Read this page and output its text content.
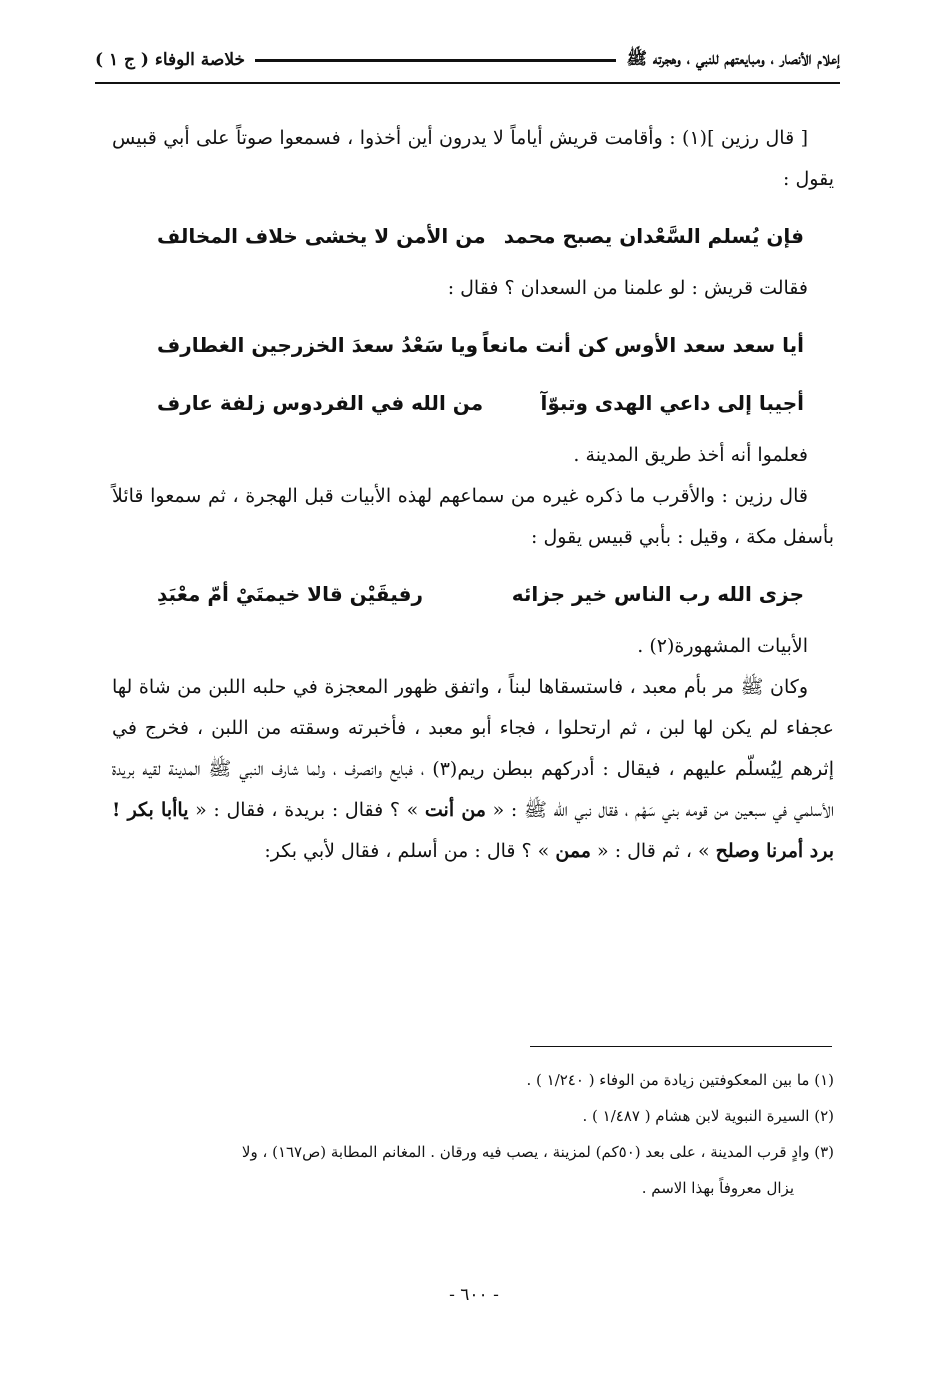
خلاصة الوفاء ( ج ١ )	إعلام الأنصار ، ومبايعتهم للنبي ، وهجرته ﷺ

[ قال رزين ](١) : وأقامت قريش أياماً لا يدرون أين أخذوا ، فسمعوا صوتاً على أبي قبيس يقول :

فإن يُسلم السَّعْدان يصبح محمد
من الأمن لا يخشى خلاف المخالف

فقالت قريش : لو علمنا من السعدان ؟ فقال :

أيا سعد سعد الأوس كن أنت مانعاً
ويا سَعْدُ سعدَ الخزرجين الغطارف
أجيبا إلى داعي الهدى وتبوّآ
من الله في الفردوس زلفة عارف

فعلموا أنه أخذ طريق المدينة .

قال رزين : والأقرب ما ذكره غيره من سماعهم لهذه الأبيات قبل الهجرة ، ثم سمعوا قائلاً بأسفل مكة ، وقيل : بأبي قبيس يقول :

جزى الله رب الناس خير جزائه
رفيقَيْن قالا خيمتَيْ أمّ معْبَدِ

الأبيات المشهورة(٢) .

وكان ﷺ مر بأم معبد ، فاستسقاها لبناً ، واتفق ظهور المعجزة في حلبه اللبن من شاة لها عجفاء لم يكن لها لبن ، ثم ارتحلوا ، فجاء أبو معبد ، فأخبرته وسقته من اللبن ، فخرج في إثرهم لِيُسلّم عليهم ، فيقال : أدركهم ببطن ريم(٣) ، فبايع وانصرف ، ولما شارف النبي ﷺ المدينة لقيه بريدة الأسلمي في سبعين من قومه بني سَهْم ، فقال نبي الله ﷺ : « من أنت » ؟ فقال : بريدة ، فقال : « ياأبا بكر ! برد أمرنا وصلح » ، ثم قال : « ممن » ؟ قال : من أسلم ، فقال لأبي بكر:

(١) ما بين المعكوفتين زيادة من الوفاء ( ١/٢٤٠ ) .

(٢) السيرة النبوية لابن هشام ( ١/٤٨٧ ) .

(٣) وادٍ قرب المدينة ، على بعد (٥٠كم) لمزينة ، يصب فيه ورقان . المغانم المطابة (ص١٦٧) ، ولا

يزال معروفاً بهذا الاسم .

- ٦٠٠ -
